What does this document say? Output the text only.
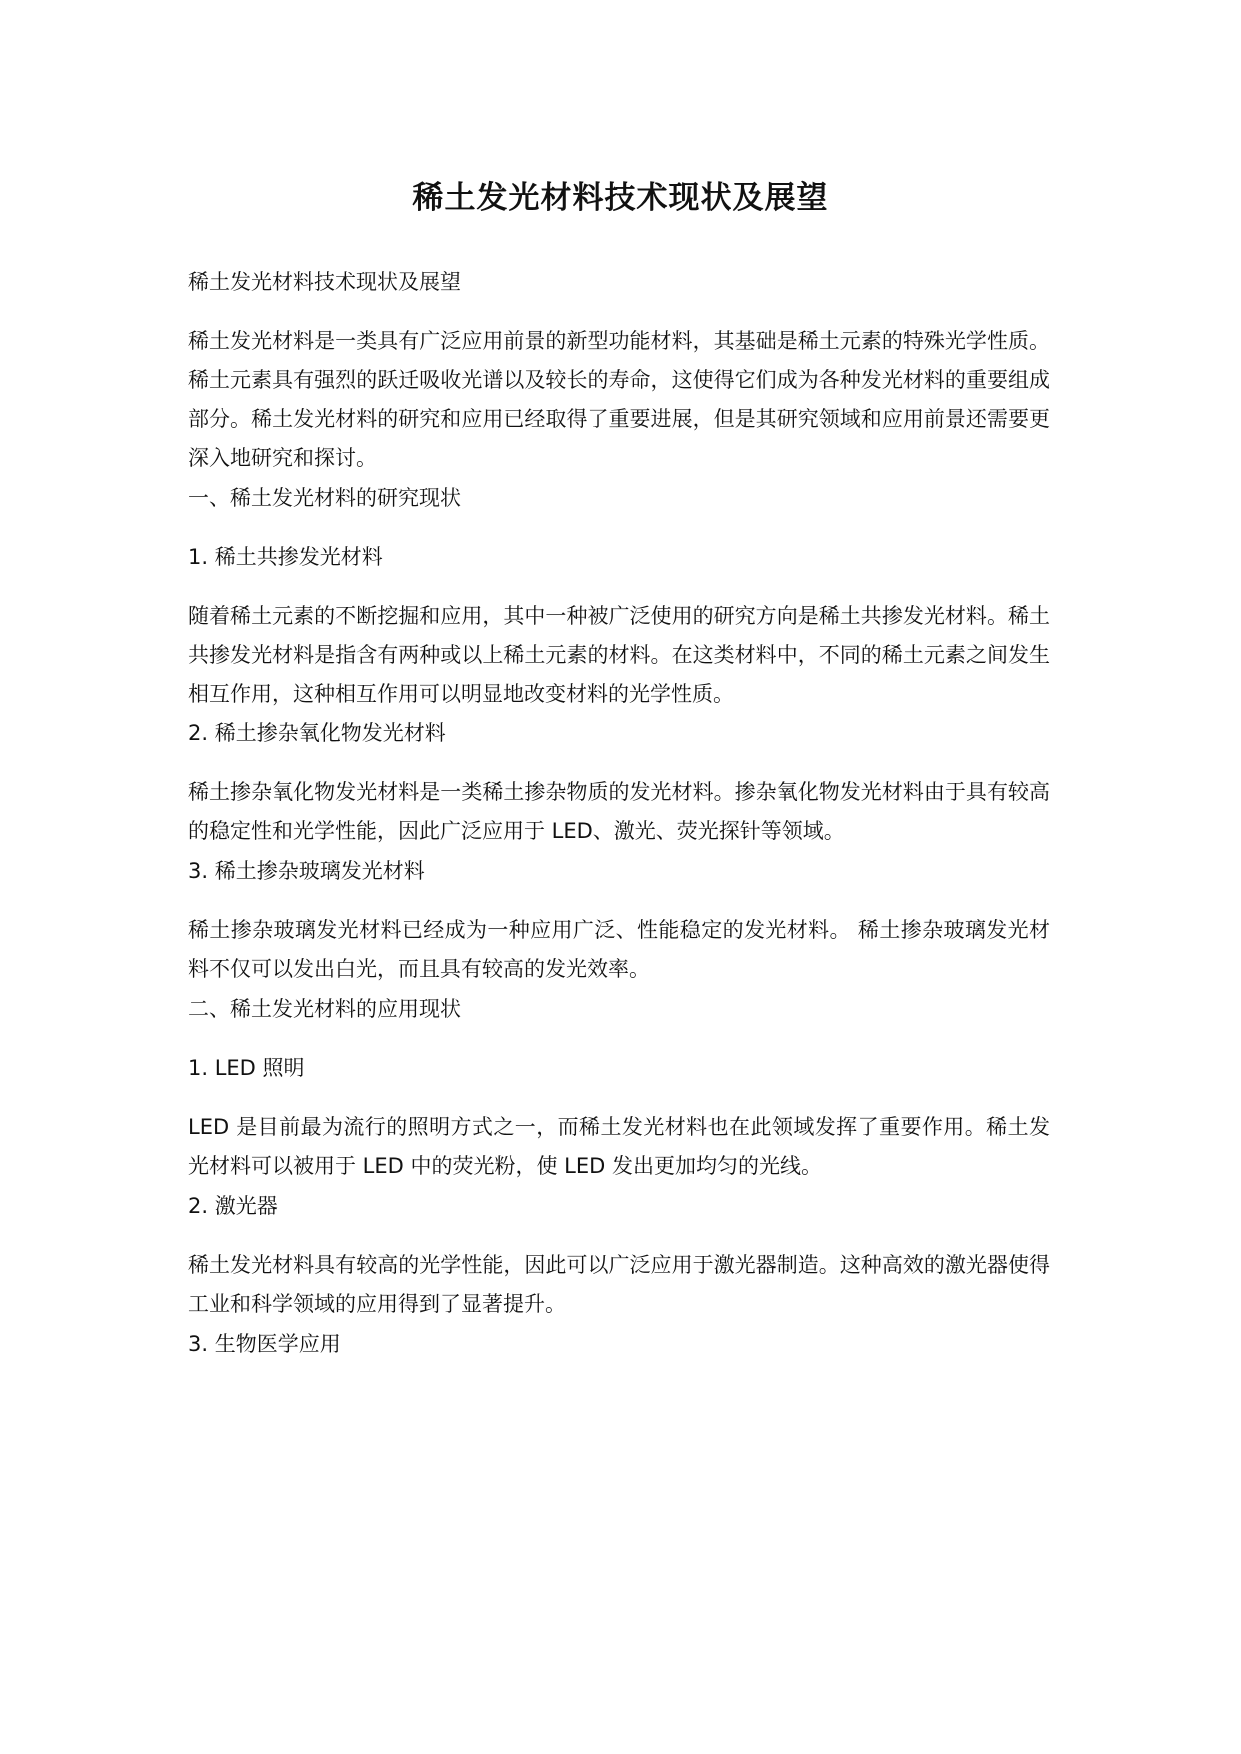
稀土发光材料技术现状及展望

稀土发光材料技术现状及展望

稀土发光材料是一类具有广泛应用前景的新型功能材料，其基础是稀土元素的特殊光学性质。稀土元素具有强烈的跃迁吸收光谱以及较长的寿命，这使得它们成为各种发光材料的重要组成部分。稀土发光材料的研究和应用已经取得了重要进展，但是其研究领域和应用前景还需要更深入地研究和探讨。

一、稀土发光材料的研究现状

1. 稀土共掺发光材料

随着稀土元素的不断挖掘和应用，其中一种被广泛使用的研究方向是稀土共掺发光材料。稀土共掺发光材料是指含有两种或以上稀土元素的材料。在这类材料中，不同的稀土元素之间发生相互作用，这种相互作用可以明显地改变材料的光学性质。

2. 稀土掺杂氧化物发光材料

稀土掺杂氧化物发光材料是一类稀土掺杂物质的发光材料。掺杂氧化物发光材料由于具有较高的稳定性和光学性能，因此广泛应用于 LED、激光、荧光探针等领域。

3. 稀土掺杂玻璃发光材料

稀土掺杂玻璃发光材料已经成为一种应用广泛、性能稳定的发光材料。 稀土掺杂玻璃发光材料不仅可以发出白光，而且具有较高的发光效率。

二、稀土发光材料的应用现状

1. LED 照明

LED 是目前最为流行的照明方式之一，而稀土发光材料也在此领域发挥了重要作用。稀土发光材料可以被用于 LED 中的荧光粉，使 LED 发出更加均匀的光线。

2. 激光器

稀土发光材料具有较高的光学性能，因此可以广泛应用于激光器制造。这种高效的激光器使得工业和科学领域的应用得到了显著提升。

3. 生物医学应用
